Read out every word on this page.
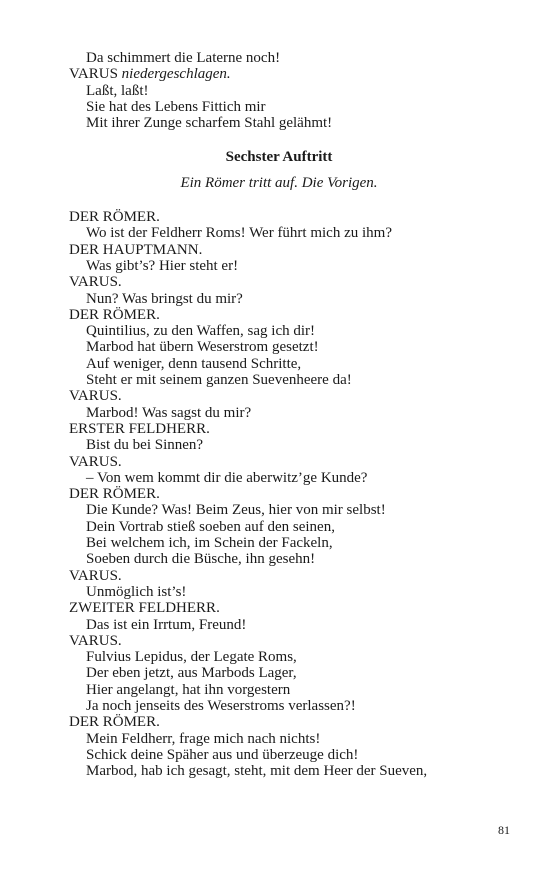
Da schimmert die Laterne noch!
VARUS niedergeschlagen.
Laßt, laßt!
Sie hat des Lebens Fittich mir
Mit ihrer Zunge scharfem Stahl gelähmt!
Sechster Auftritt
Ein Römer tritt auf. Die Vorigen.
DER RÖMER.
Wo ist der Feldherr Roms! Wer führt mich zu ihm?
DER HAUPTMANN.
Was gibt’s? Hier steht er!
VARUS.
Nun? Was bringst du mir?
DER RÖMER.
Quintilius, zu den Waffen, sag ich dir!
Marbod hat übern Weserstrom gesetzt!
Auf weniger, denn tausend Schritte,
Steht er mit seinem ganzen Suevenheere da!
VARUS.
Marbod! Was sagst du mir?
ERSTER FELDHERR.
Bist du bei Sinnen?
VARUS.
– Von wem kommt dir die aberwitz’ge Kunde?
DER RÖMER.
Die Kunde? Was! Beim Zeus, hier von mir selbst!
Dein Vortrab stieß soeben auf den seinen,
Bei welchem ich, im Schein der Fackeln,
Soeben durch die Büsche, ihn gesehn!
VARUS.
Unmöglich ist’s!
ZWEITER FELDHERR.
Das ist ein Irrtum, Freund!
VARUS.
Fulvius Lepidus, der Legate Roms,
Der eben jetzt, aus Marbods Lager,
Hier angelangt, hat ihn vorgestern
Ja noch jenseits des Weserstroms verlassen?!
DER RÖMER.
Mein Feldherr, frage mich nach nichts!
Schick deine Späher aus und überzeuge dich!
Marbod, hab ich gesagt, steht, mit dem Heer der Sueven,
81
